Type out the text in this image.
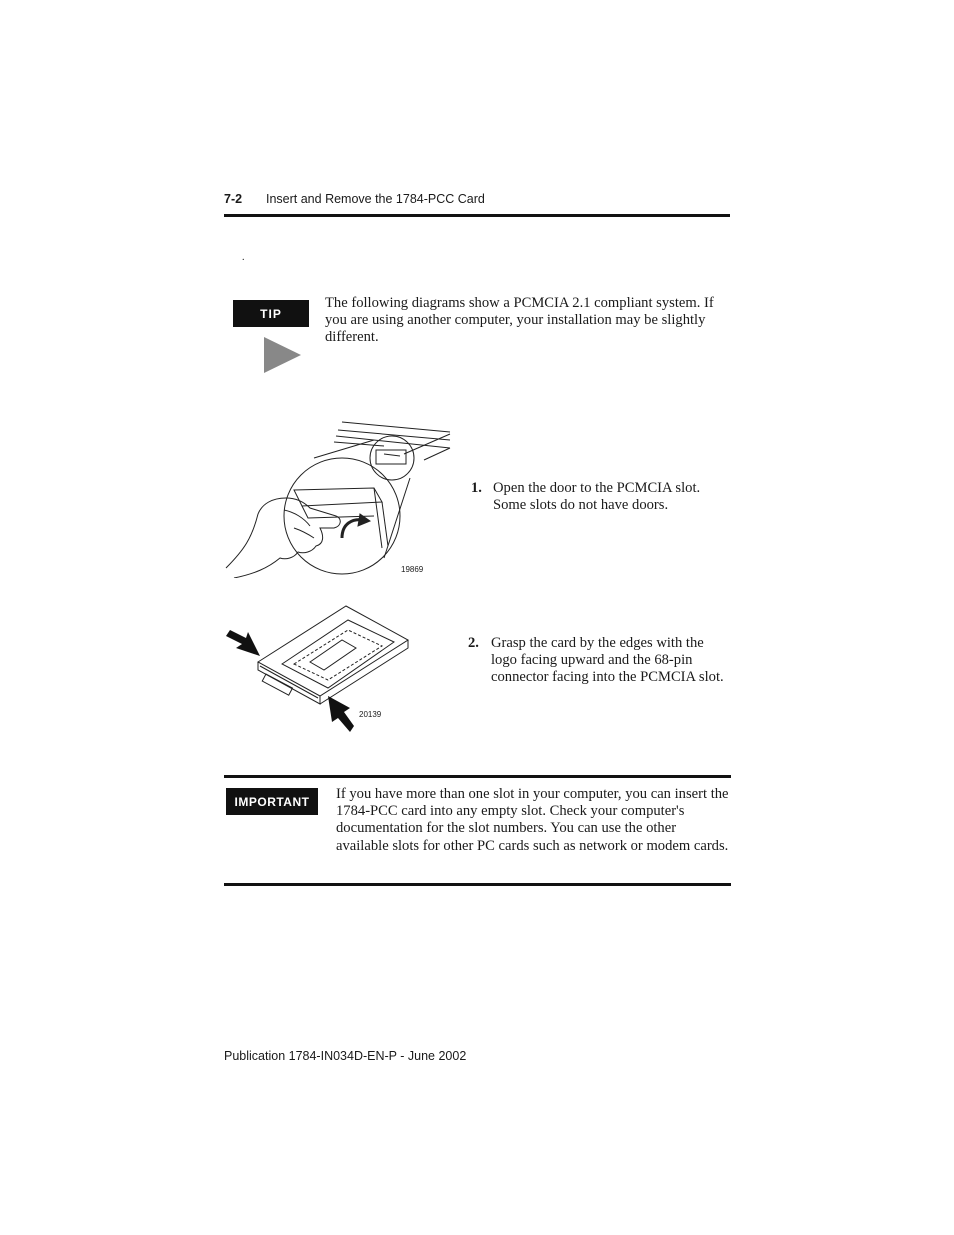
7-2 Insert and Remove the 1784-PCC Card
.
TIP
The following diagrams show a PCMCIA 2.1 compliant system. If you are using another computer, your installation may be slightly different.
19869
1. Open the door to the PCMCIA slot. Some slots do not have doors.
20139
2. Grasp the card by the edges with the logo facing upward and the 68-pin connector facing into the PCMCIA slot.
IMPORTANT	If you have more than one slot in your computer, you can insert the 1784-PCC card into any empty slot. Check your computer's documentation for the slot numbers. You can use the other available slots for other PC cards such as network or modem cards.
Publication 1784-IN034D-EN-P - June 2002
